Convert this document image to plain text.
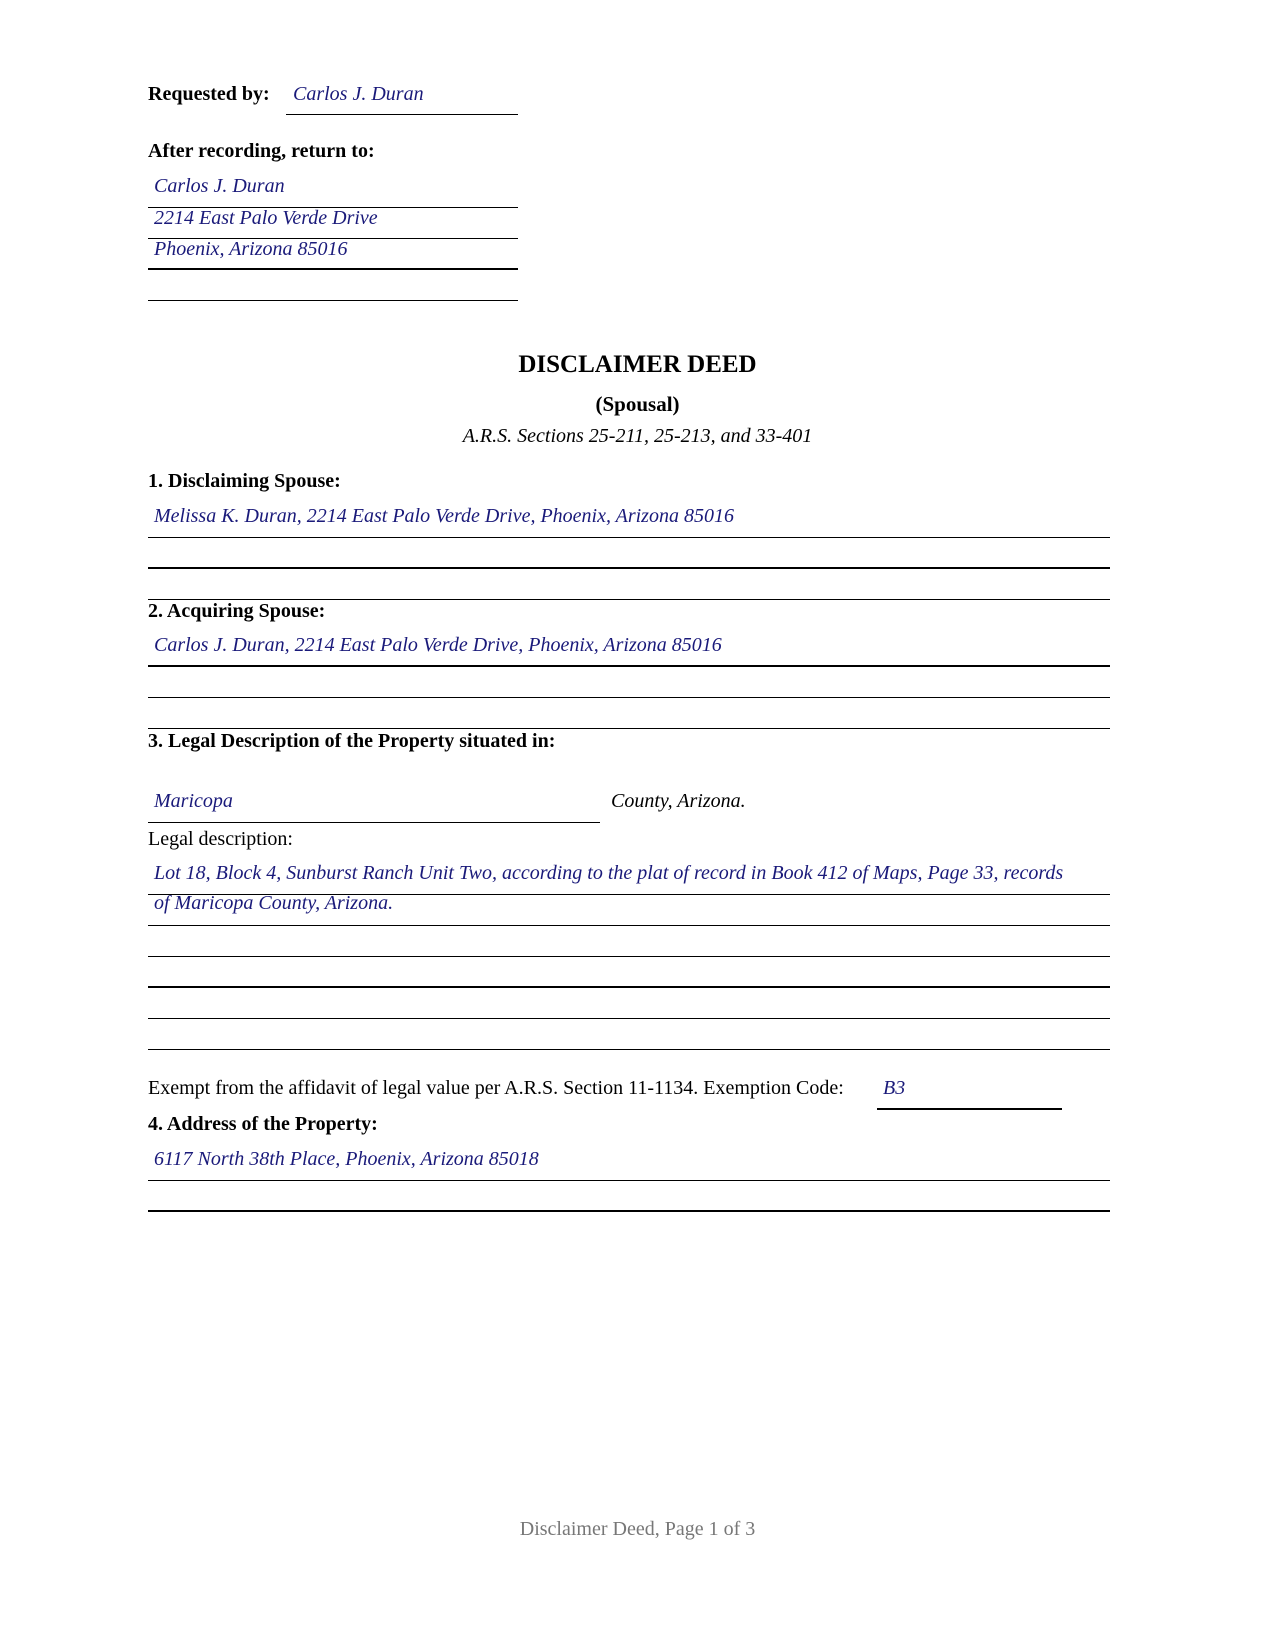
Requested by:	Carlos J. Duran
After recording, return to:
Carlos J. Duran
2214 East Palo Verde Drive
Phoenix, Arizona 85016
DISCLAIMER DEED
(Spousal)
A.R.S. Sections 25-211, 25-213, and 33-401
1. Disclaiming Spouse:
Melissa K. Duran, 2214 East Palo Verde Drive, Phoenix, Arizona 85016
2. Acquiring Spouse:
Carlos J. Duran, 2214 East Palo Verde Drive, Phoenix, Arizona 85016
3. Legal Description of the Property situated in:
Maricopa	County, Arizona.
Legal description:
Lot 18, Block 4, Sunburst Ranch Unit Two, according to the plat of record in Book 412 of Maps, Page 33, records
of Maricopa County, Arizona.
Exempt from the affidavit of legal value per A.R.S. Section 11-1134. Exemption Code:	B3
4. Address of the Property:
6117 North 38th Place, Phoenix, Arizona 85018
Disclaimer Deed, Page 1 of 3
